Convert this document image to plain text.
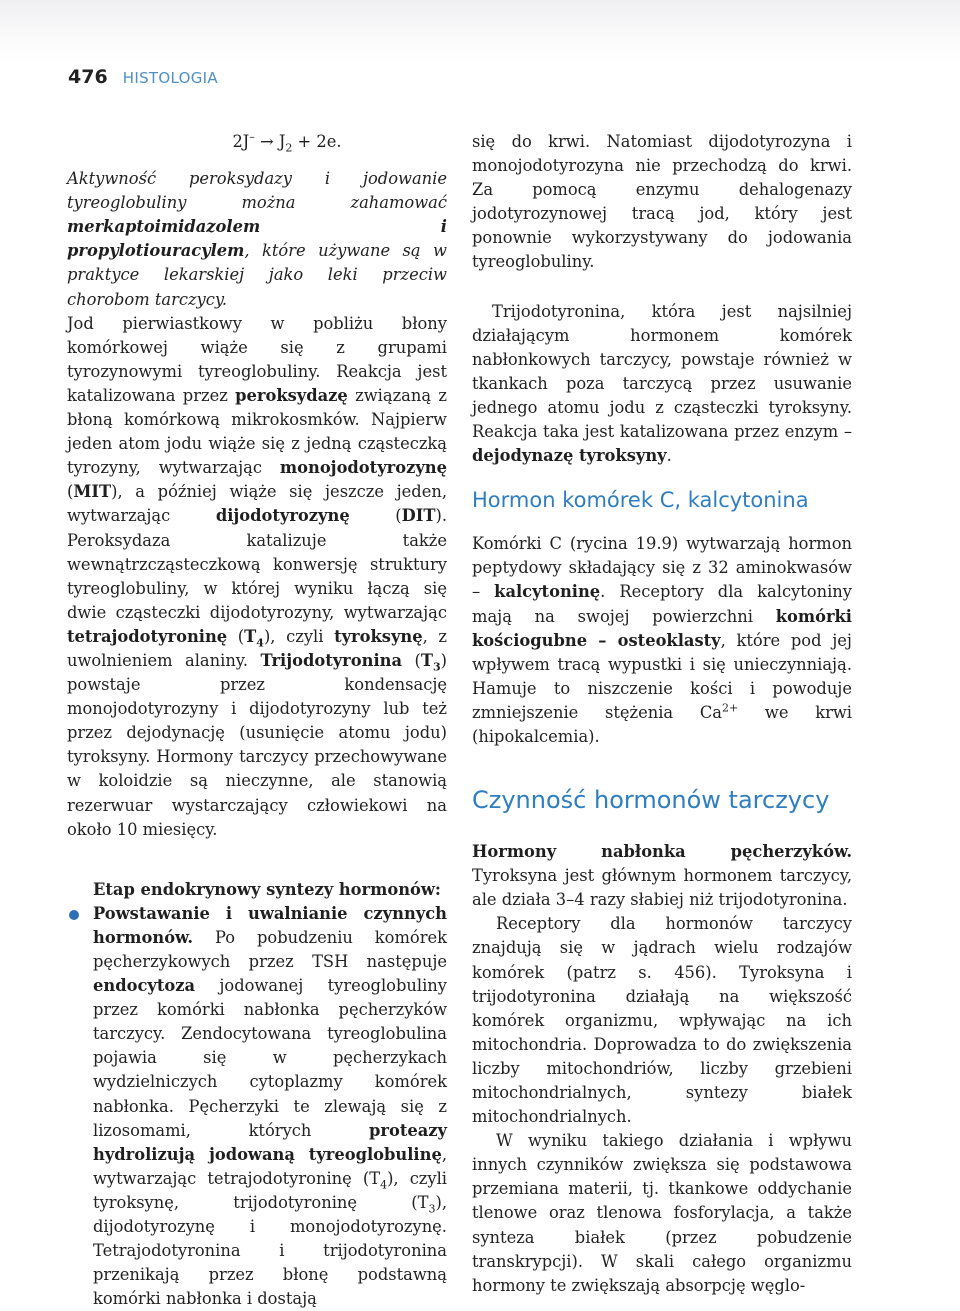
476 HISTOLOGIA

$2J^- \to J_2 + 2e$.

Aktywność peroksydazy i jodowanie tyreoglobuliny można zahamować merkaptoimidazolem i propylotiouracylem, które używane są w praktyce lekarskiej jako leki przeciw chorobom tarczycy.

Jod pierwiastkowy w pobliżu błony komórkowej wiąże się z grupami tyrozynowymi tyreoglobuliny. Reakcja jest katalizowana przez peroksydazę związaną z błoną komórkową mikrokosmków. Najpierw jeden atom jodu wiąże się z jedną cząsteczką tyrozyny, wytwarzając monojodotyrozynę (MIT), a później wiąże się jeszcze jeden, wytwarzając dijodotyrozynę (DIT). Peroksydaza katalizuje także wewnątrzcząsteczkową konwersję struktury tyreoglobuliny, w której wyniku łączą się dwie cząsteczki dijodotyrozyny, wytwarzając tetrajodotyroninę $(T_4)$, czyli tyroksynę, z uwolnieniem alaniny. Trijodotyronina $(T_3)$ powstaje przez kondensację monojodotyrozyny i dijodotyrozyny lub też przez dejodynację (usunięcie atomu jodu) tyroksyny. Hormony tarczycy przechowywane w koloidzie są nieczynne, ale stanowią rezerwuar wystarczający człowiekowi na około 10 miesięcy.

Etap endokrynowy syntezy hormonów:

Powstawanie i uwalnianie czynnych hormonów. Po pobudzeniu komórek pęcherzykowych przez TSH następuje endocytoza jodowanej tyreoglobuliny przez komórki nabłonka pęcherzyków tarczycy. Zendocytowana tyreoglobulina pojawia się w pęcherzykach wydzielniczych cytoplazmy komórek nabłonka. Pęcherzyki te zlewają się z lizosomami, których proteazy hydrolizują jodowaną tyreoglobulinę, wytwarzając tetrajodotyroninę $(T_4)$, czyli tyroksynę, trijodotyroninę $(T_3)$, dijodotyrozynę i monojodotyrozynę. Tetrajodotyronina i trijodotyronina przenikają przez błonę podstawną komórki nabłonka i dostają

się do krwi. Natomiast dijodotyrozyna i monojodotyrozyna nie przechodzą do krwi. Za pomocą enzymu dehalogenazy jodotyrozynowej tracą jod, który jest ponownie wykorzystywany do jodowania tyreoglobuliny.

Trijodotyronina, która jest najsilniej działającym hormonem komórek nabłonkowych tarczycy, powstaje również w tkankach poza tarczycą przez usuwanie jednego atomu jodu z cząsteczki tyroksyny. Reakcja taka jest katalizowana przez enzym – dejodynazę tyroksyny.

Hormon komórek C, kalcytonina

Komórki C (rycina 19.9) wytwarzają hormon peptydowy składający się z 32 aminokwasów – kalcytoninę. Receptory dla kalcytoniny mają na swojej powierzchni komórki kościogubne – osteoklasty, które pod jej wpływem tracą wypustki i się unieczynniają. Hamuje to niszczenie kości i powoduje zmniejszenie stężenia $Ca^{2+}$ we krwi (hipokalcemia).

Czynność hormonów tarczycy

Hormony nabłonka pęcherzyków. Tyroksyna jest głównym hormonem tarczycy, ale działa 3–4 razy słabiej niż trijodotyronina.

Receptory dla hormonów tarczycy znajdują się w jądrach wielu rodzajów komórek (patrz s. 456). Tyroksyna i trijodotyronina działają na większość komórek organizmu, wpływając na ich mitochondria. Doprowadza to do zwiększenia liczby mitochondriów, liczby grzebieni mitochondrialnych, syntezy białek mitochondrialnych.

W wyniku takiego działania i wpływu innych czynników zwiększa się podstawowa przemiana materii, tj. tkankowe oddychanie tlenowe oraz tlenowa fosforylacja, a także synteza białek (przez pobudzenie transkrypcji). W skali całego organizmu hormony te zwiększają absorpcję węglo-
